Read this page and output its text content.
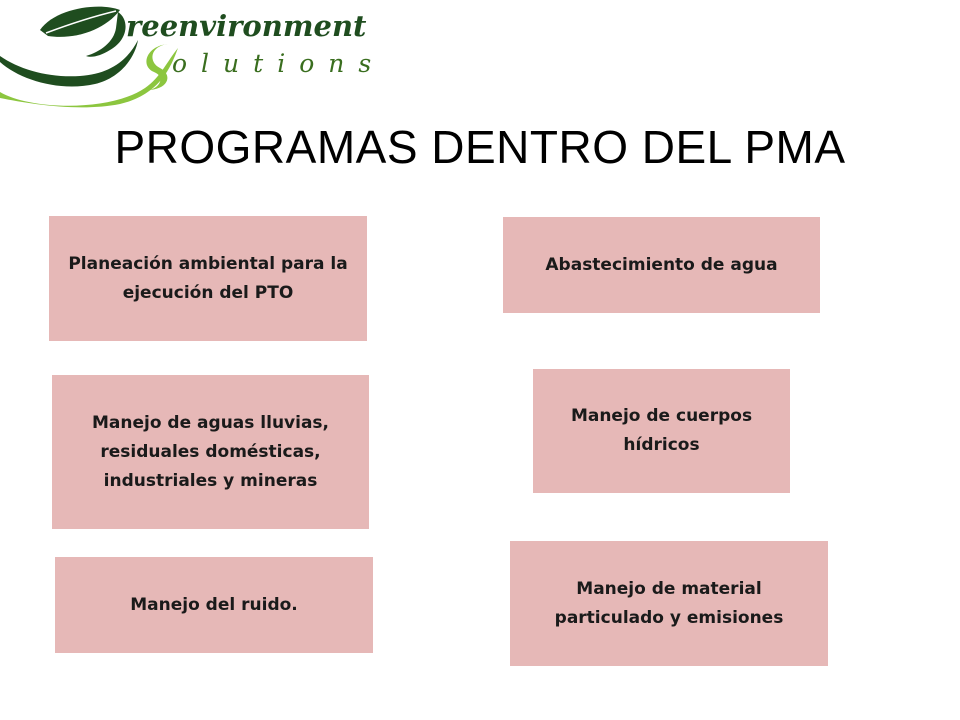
reenvironment
olutions
PROGRAMAS DENTRO DEL PMA
Planeación ambiental para la ejecución del PTO
Abastecimiento de agua
Manejo de aguas lluvias, residuales domésticas, industriales y mineras
Manejo de cuerpos hídricos
Manejo del ruido.
Manejo de material particulado y emisiones
